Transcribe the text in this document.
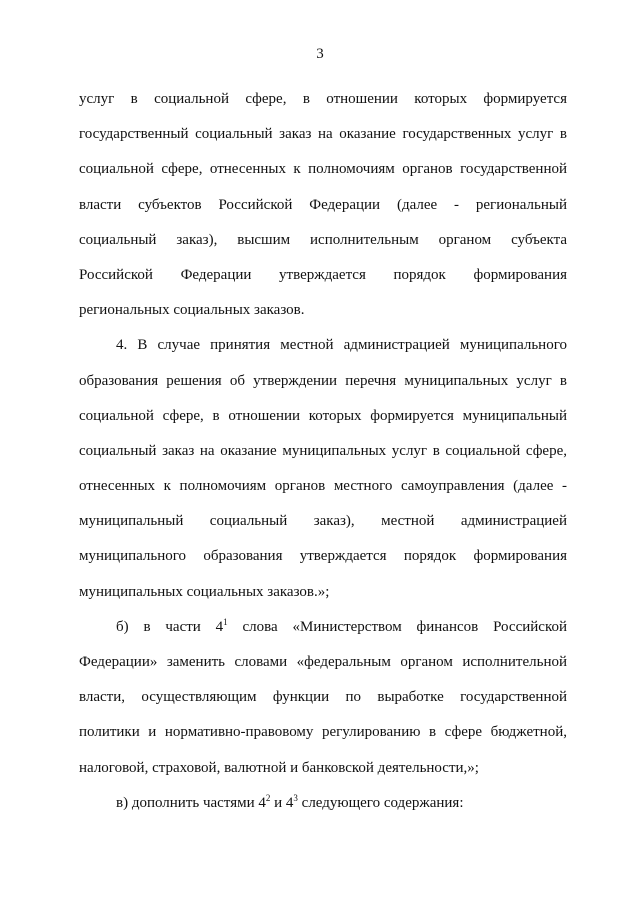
3
услуг в социальной сфере, в отношении которых формируется
государственный социальный заказ на оказание государственных услуг в
социальной сфере, отнесенных к полномочиям органов государственной
власти субъектов Российской Федерации (далее - региональный
социальный заказ), высшим исполнительным органом субъекта
Российской Федерации утверждается порядок формирования
региональных социальных заказов.
4. В случае принятия местной администрацией муниципального
образования решения об утверждении перечня муниципальных услуг в
социальной сфере, в отношении которых формируется муниципальный
социальный заказ на оказание муниципальных услуг в социальной сфере,
отнесенных к полномочиям органов местного самоуправления (далее -
муниципальный социальный заказ), местной администрацией
муниципального образования утверждается порядок формирования
муниципальных социальных заказов.»;
б) в части $4^1$ слова «Министерством финансов Российской
Федерации» заменить словами «федеральным органом исполнительной
власти, осуществляющим функции по выработке государственной
политики и нормативно-правовому регулированию в сфере бюджетной,
налоговой, страховой, валютной и банковской деятельности,»;
в) дополнить частями $4^2$ и $4^3$ следующего содержания:
